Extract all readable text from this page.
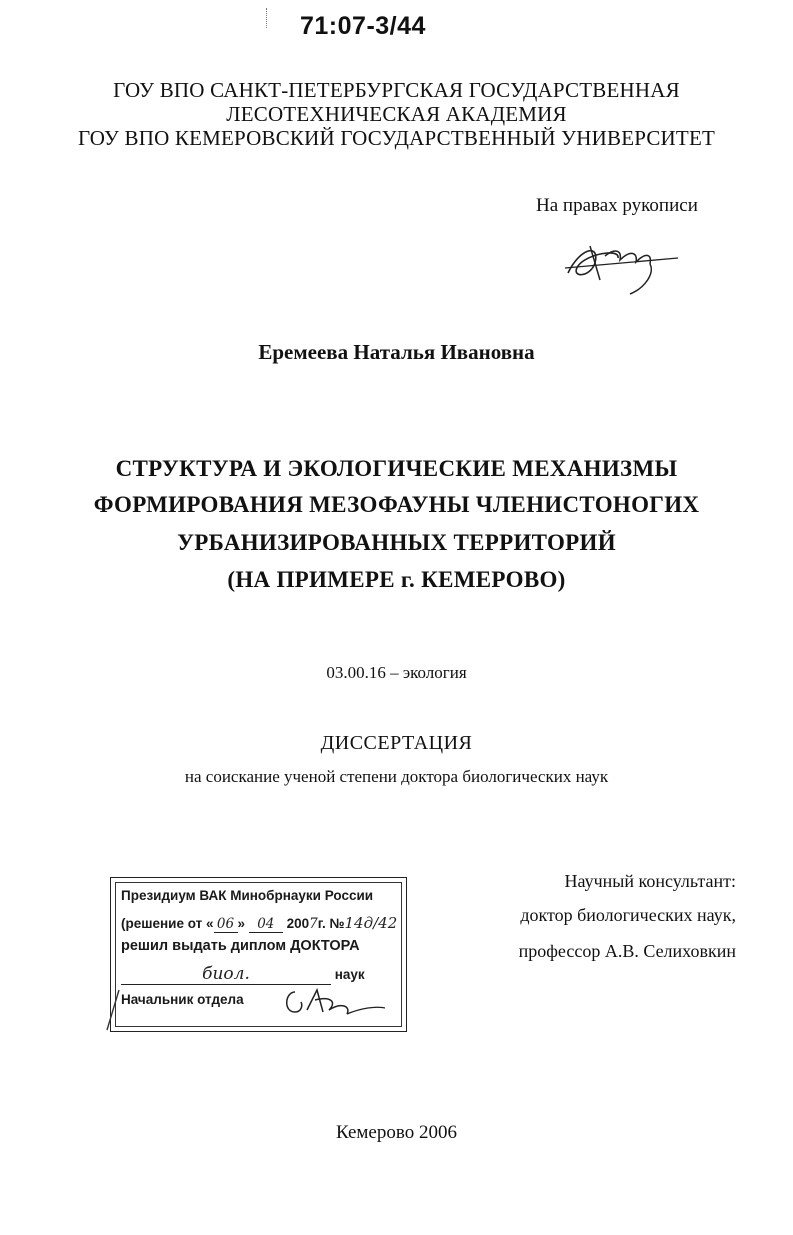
71:07-3/44
ГОУ ВПО САНКТ-ПЕТЕРБУРГСКАЯ ГОСУДАРСТВЕННАЯ
ЛЕСОТЕХНИЧЕСКАЯ АКАДЕМИЯ
ГОУ ВПО КЕМЕРОВСКИЙ ГОСУДАРСТВЕННЫЙ УНИВЕРСИТЕТ
На правах рукописи
Еремеева Наталья Ивановна
СТРУКТУРА И ЭКОЛОГИЧЕСКИЕ МЕХАНИЗМЫ
ФОРМИРОВАНИЯ МЕЗОФАУНЫ ЧЛЕНИСТОНОГИХ
УРБАНИЗИРОВАННЫХ ТЕРРИТОРИЙ
(НА ПРИМЕРЕ г. КЕМЕРОВО)
03.00.16 – экология
ДИССЕРТАЦИЯ
на соискание ученой степени доктора биологических наук
Научный консультант:
доктор биологических наук,
профессор А.В. Селиховкин
Президиум ВАК Минобрнауки России
(решение от « 06 » 04 2007г. №14д/42
решил выдать диплом ДОКТОРА
биол.	наук
Начальник отдела
Кемерово 2006
